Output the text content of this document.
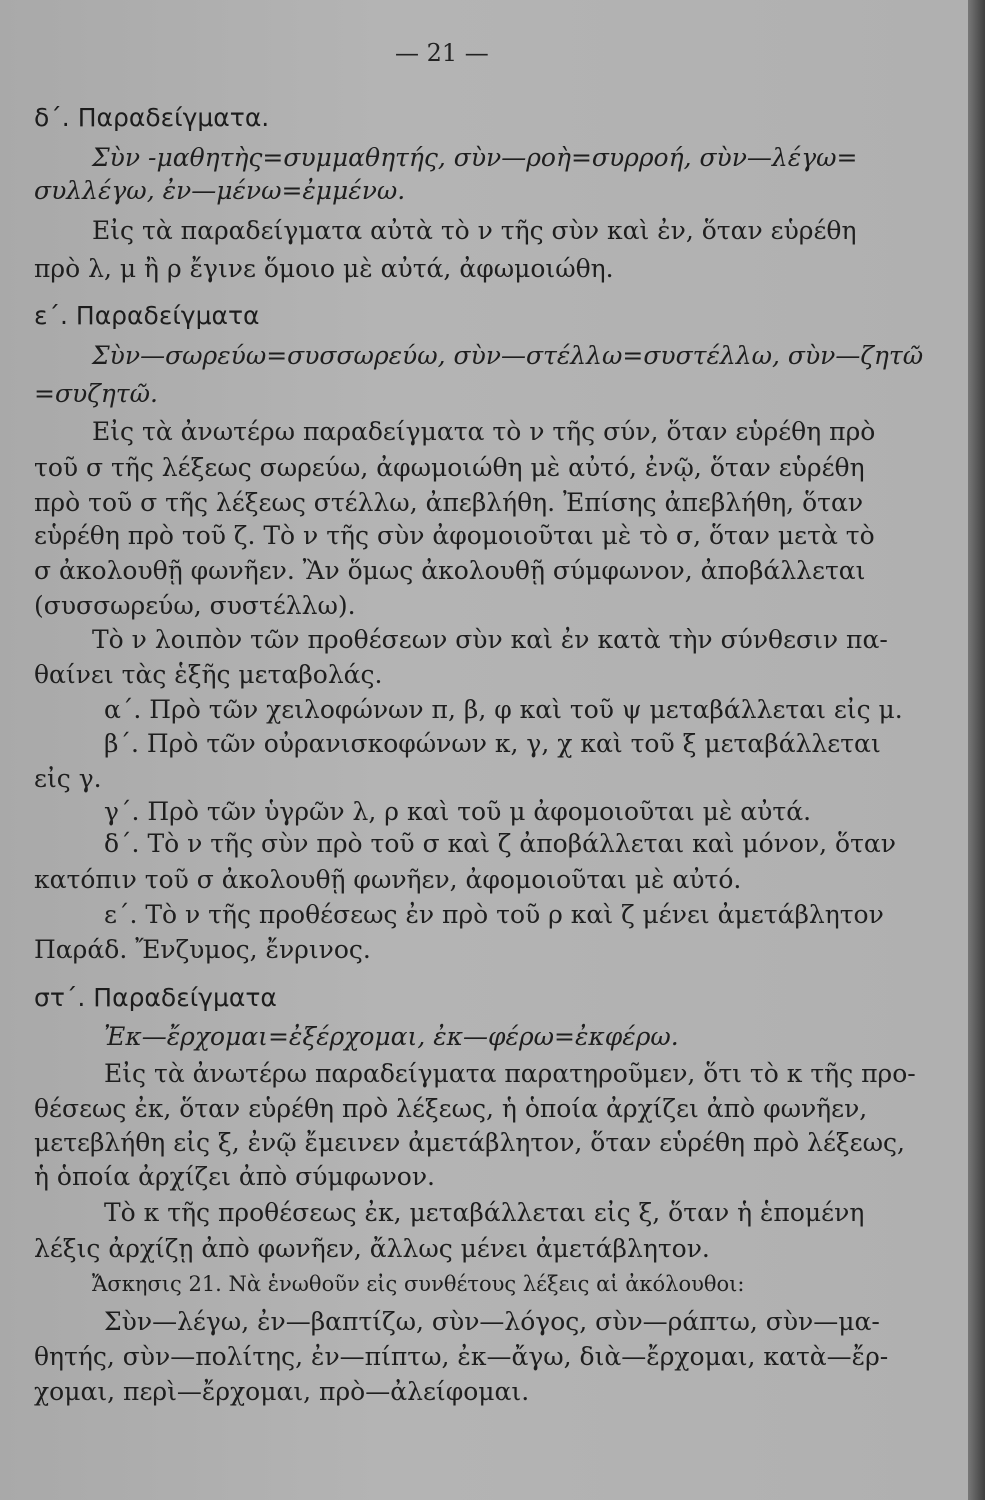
— 21 —
δ΄. Παραδείγματα.
Σὺν -μαθητὴς=συμμαθητής, σὺν—ροὴ=συρροή, σὺν—λέγω=
συλλέγω, ἐν—μένω=ἐμμένω.
Εἰς τὰ παραδείγματα αὐτὰ τὸ ν τῆς σὺν καὶ ἐν, ὅταν εὑρέθη
πρὸ λ, μ ἢ ρ ἔγινε ὅμοιο μὲ αὐτά, ἀφωμοιώθη.
ε΄. Παραδείγματα
Σὺν—σωρεύω=συσσωρεύω, σὺν—στέλλω=συστέλλω, σὺν—ζητῶ
=συζητῶ.
Εἰς τὰ ἀνωτέρω παραδείγματα τὸ ν τῆς σύν, ὅταν εὑρέθη πρὸ
τοῦ σ τῆς λέξεως σωρεύω, ἀφωμοιώθη μὲ αὐτό, ἐνῷ, ὅταν εὑρέθη
πρὸ τοῦ σ τῆς λέξεως στέλλω, ἀπεβλήθη. Ἐπίσης ἀπεβλήθη, ὅταν
εὑρέθη πρὸ τοῦ ζ. Τὸ ν τῆς σὺν ἀφομοιοῦται μὲ τὸ σ, ὅταν μετὰ τὸ
σ ἀκολουθῇ φωνῆεν. Ἂν ὅμως ἀκολουθῇ σύμφωνον, ἀποβάλλεται
(συσσωρεύω, συστέλλω).
Τὸ ν λοιπὸν τῶν προθέσεων σὺν καὶ ἐν κατὰ τὴν σύνθεσιν πα-
θαίνει τὰς ἑξῆς μεταβολάς.
α΄. Πρὸ τῶν χειλοφώνων π, β, φ καὶ τοῦ ψ μεταβάλλεται εἰς μ.
β΄. Πρὸ τῶν οὐρανισκοφώνων κ, γ, χ καὶ τοῦ ξ μεταβάλλεται
εἰς γ.
γ΄. Πρὸ τῶν ὑγρῶν λ, ρ καὶ τοῦ μ ἀφομοιοῦται μὲ αὐτά.
δ΄. Τὸ ν τῆς σὺν πρὸ τοῦ σ καὶ ζ ἀποβάλλεται καὶ μόνον, ὅταν
κατόπιν τοῦ σ ἀκολουθῇ φωνῆεν, ἀφομοιοῦται μὲ αὐτό.
ε΄. Τὸ ν τῆς προθέσεως ἐν πρὸ τοῦ ρ καὶ ζ μένει ἀμετάβλητον
Παράδ. Ἔνζυμος, ἔνρινος.
στ΄. Παραδείγματα
Ἐκ—ἔρχομαι=ἐξέρχομαι, ἐκ—φέρω=ἐκφέρω.
Εἰς τὰ ἀνωτέρω παραδείγματα παρατηροῦμεν, ὅτι τὸ κ τῆς προ-
θέσεως ἐκ, ὅταν εὑρέθη πρὸ λέξεως, ἡ ὁποία ἀρχίζει ἀπὸ φωνῆεν,
μετεβλήθη εἰς ξ, ἐνῷ ἔμεινεν ἀμετάβλητον, ὅταν εὑρέθη πρὸ λέξεως,
ἡ ὁποία ἀρχίζει ἀπὸ σύμφωνον.
Τὸ κ τῆς προθέσεως ἐκ, μεταβάλλεται εἰς ξ, ὅταν ἡ ἑπομένη
λέξις ἀρχίζῃ ἀπὸ φωνῆεν, ἄλλως μένει ἀμετάβλητον.
Ἄσκησις 21. Νὰ ἑνωθοῦν εἰς συνθέτους λέξεις αἱ ἀκόλουθοι:
Σὺν—λέγω, ἐν—βαπτίζω, σὺν—λόγος, σὺν—ράπτω, σὺν—μα-
θητής, σὺν—πολίτης, ἐν—πίπτω, ἐκ—ἄγω, διὰ—ἔρχομαι, κατὰ—ἔρ-
χομαι, περὶ—ἔρχομαι, πρὸ—ἀλείφομαι.
